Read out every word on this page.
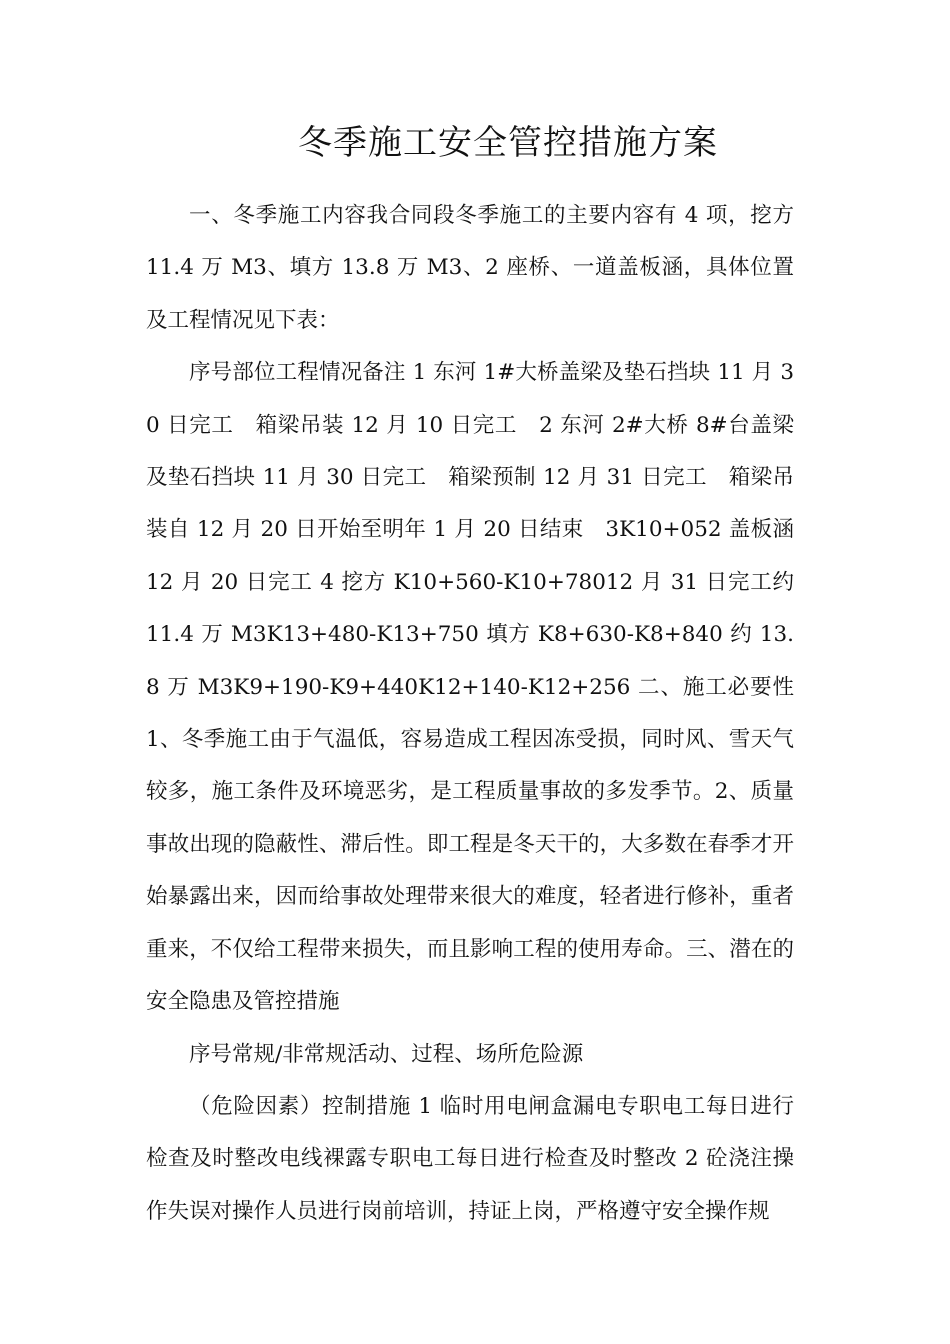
冬季施工安全管控措施方案

一、冬季施工内容我合同段冬季施工的主要内容有 4 项，挖方 11.4 万 M3、填方 13.8 万 M3、2 座桥、一道盖板涵，具体位置及工程情况见下表：

序号部位工程情况备注 1 东河 1#大桥盖梁及垫石挡块 11 月 30 日完工　箱梁吊装 12 月 10 日完工　2 东河 2#大桥 8#台盖梁及垫石挡块 11 月 30 日完工　箱梁预制 12 月 31 日完工　箱梁吊装自 12 月 20 日开始至明年 1 月 20 日结束　3K10+052 盖板涵 12 月 20 日完工 4 挖方 K10+560-K10+78012 月 31 日完工约 11.4 万 M3K13+480-K13+750 填方 K8+630-K8+840 约 13.8 万 M3K9+190-K9+440K12+140-K12+256 二、施工必要性 1、冬季施工由于气温低，容易造成工程因冻受损，同时风、雪天气较多，施工条件及环境恶劣，是工程质量事故的多发季节。2、质量事故出现的隐蔽性、滞后性。即工程是冬天干的，大多数在春季才开始暴露出来，因而给事故处理带来很大的难度，轻者进行修补，重者重来，不仅给工程带来损失，而且影响工程的使用寿命。三、潜在的安全隐患及管控措施

序号常规/非常规活动、过程、场所危险源

（危险因素）控制措施 1 临时用电闸盒漏电专职电工每日进行检查及时整改电线裸露专职电工每日进行检查及时整改 2 砼浇注操作失误对操作人员进行岗前培训，持证上岗，严格遵守安全操作规
